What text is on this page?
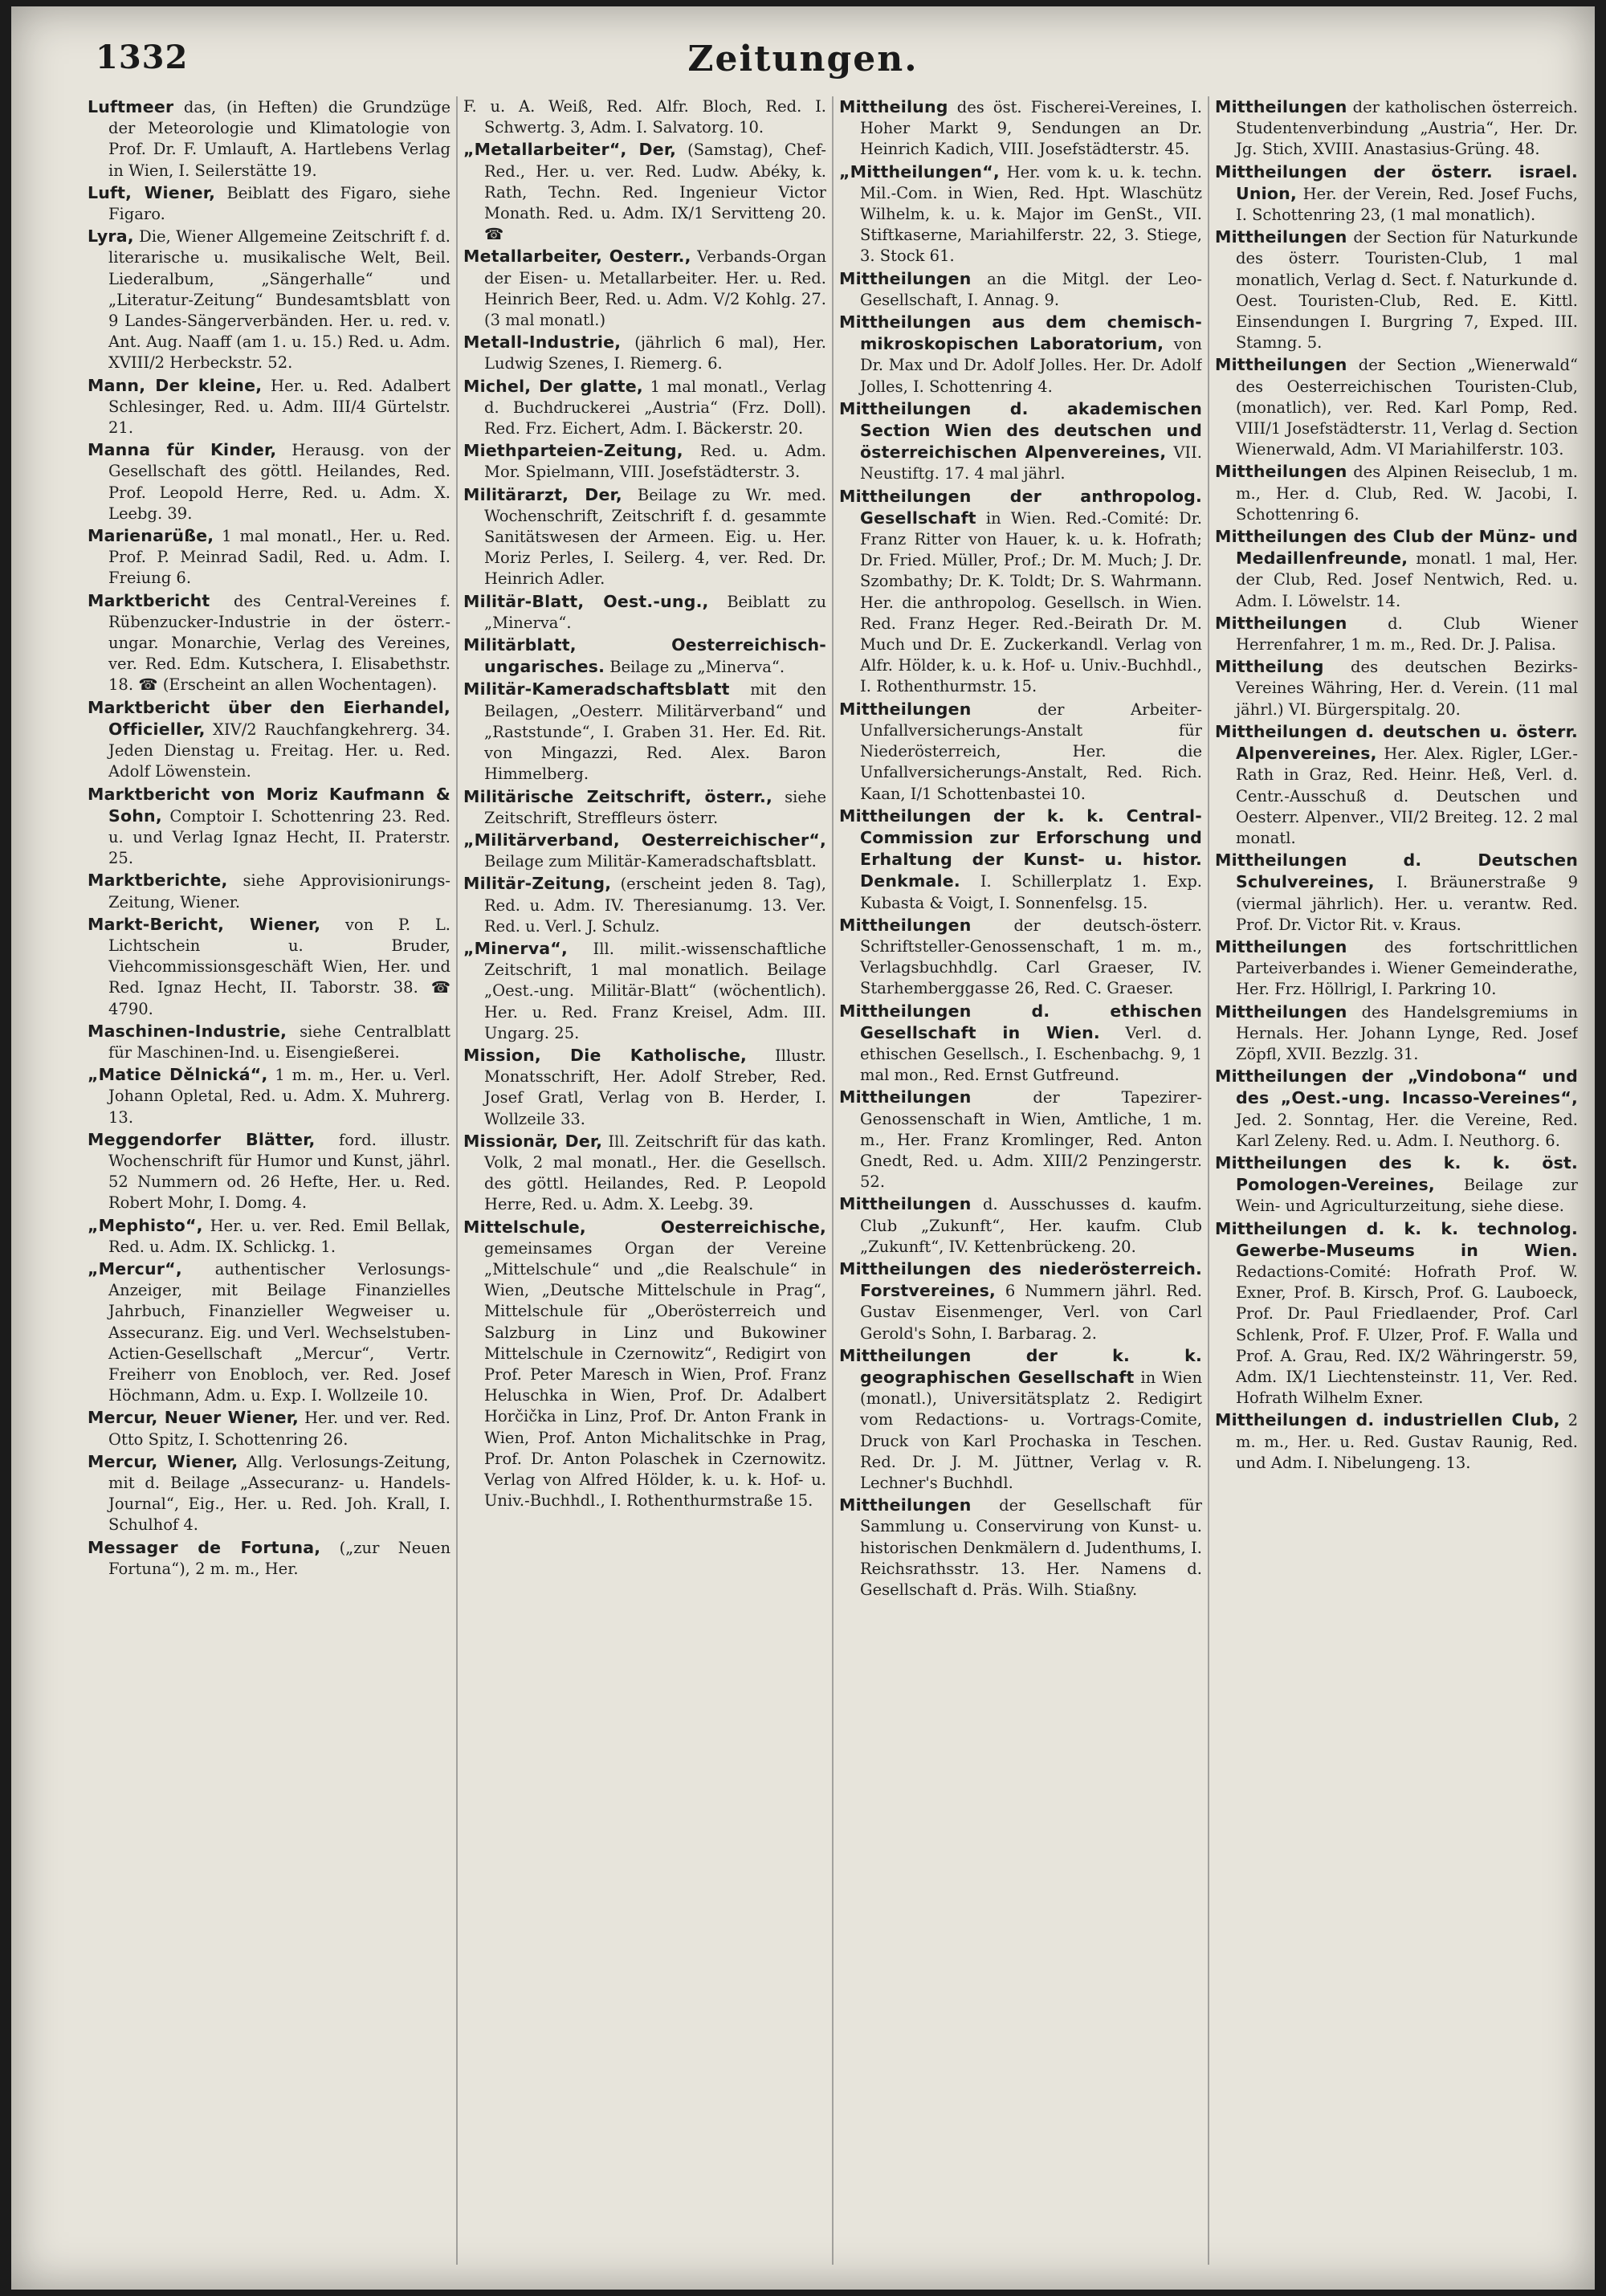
1332	Zeitungen.

Luftmeer das, (in Heften) die Grundzüge der Meteorologie und Klimatologie von Prof. Dr. F. Umlauft, A. Hartlebens Verlag in Wien, I. Seilerstätte 19.

Luft, Wiener, Beiblatt des Figaro, siehe Figaro.

Lyra, Die, Wiener Allgemeine Zeitschrift f. d. literarische u. musikalische Welt, Beil. Liederalbum, „Sängerhalle“ und „Literatur-Zeitung“ Bundesamtsblatt von 9 Landes-Sängerverbänden. Her. u. red. v. Ant. Aug. Naaff (am 1. u. 15.) Red. u. Adm. XVIII/2 Herbeckstr. 52.

Mann, Der kleine, Her. u. Red. Adalbert Schlesinger, Red. u. Adm. III/4 Gürtelstr. 21.

Manna für Kinder, Herausg. von der Gesellschaft des göttl. Heilandes, Red. Prof. Leopold Herre, Red. u. Adm. X. Leebg. 39.

Marienarüße, 1 mal monatl., Her. u. Red. Prof. P. Meinrad Sadil, Red. u. Adm. I. Freiung 6.

Marktbericht des Central-Vereines f. Rübenzucker-Industrie in der österr.-ungar. Monarchie, Verlag des Vereines, ver. Red. Edm. Kutschera, I. Elisabethstr. 18. ☎ (Erscheint an allen Wochentagen).

Marktbericht über den Eierhandel, Officieller, XIV/2 Rauchfangkehrerg. 34. Jeden Dienstag u. Freitag. Her. u. Red. Adolf Löwenstein.

Marktbericht von Moriz Kaufmann & Sohn, Comptoir I. Schottenring 23. Red. u. und Verlag Ignaz Hecht, II. Praterstr. 25.

Marktberichte, siehe Approvisionirungs-Zeitung, Wiener.

Markt-Bericht, Wiener, von P. L. Lichtschein u. Bruder, Viehcommissionsgeschäft Wien, Her. und Red. Ignaz Hecht, II. Taborstr. 38. ☎ 4790.

Maschinen-Industrie, siehe Centralblatt für Maschinen-Ind. u. Eisengießerei.

„Matice Dělnická“, 1 m. m., Her. u. Verl. Johann Opletal, Red. u. Adm. X. Muhrerg. 13.

Meggendorfer Blätter, ford. illustr. Wochenschrift für Humor und Kunst, jährl. 52 Nummern od. 26 Hefte, Her. u. Red. Robert Mohr, I. Domg. 4.

„Mephisto“, Her. u. ver. Red. Emil Bellak, Red. u. Adm. IX. Schlickg. 1.

„Mercur“, authentischer Verlosungs-Anzeiger, mit Beilage Finanzielles Jahrbuch, Finanzieller Wegweiser u. Assecuranz. Eig. und Verl. Wechselstuben-Actien-Gesellschaft „Mercur“, Vertr. Freiherr von Enobloch, ver. Red. Josef Höchmann, Adm. u. Exp. I. Wollzeile 10.

Mercur, Neuer Wiener, Her. und ver. Red. Otto Spitz, I. Schottenring 26.

Mercur, Wiener, Allg. Verlosungs-Zeitung, mit d. Beilage „Assecuranz- u. Handels-Journal“, Eig., Her. u. Red. Joh. Krall, I. Schulhof 4.

Messager de Fortuna, („zur Neuen Fortuna“), 2 m. m., Her.

F. u. A. Weiß, Red. Alfr. Bloch, Red. I. Schwertg. 3, Adm. I. Salvatorg. 10.

„Metallarbeiter“, Der, (Samstag), Chef-Red., Her. u. ver. Red. Ludw. Abéky, k. Rath, Techn. Red. Ingenieur Victor Monath. Red. u. Adm. IX/1 Servitteng 20. ☎

Metallarbeiter, Oesterr., Verbands-Organ der Eisen- u. Metallarbeiter. Her. u. Red. Heinrich Beer, Red. u. Adm. V/2 Kohlg. 27. (3 mal monatl.)

Metall-Industrie, (jährlich 6 mal), Her. Ludwig Szenes, I. Riemerg. 6.

Michel, Der glatte, 1 mal monatl., Verlag d. Buchdruckerei „Austria“ (Frz. Doll). Red. Frz. Eichert, Adm. I. Bäckerstr. 20.

Miethparteien-Zeitung, Red. u. Adm. Mor. Spielmann, VIII. Josefstädterstr. 3.

Militärarzt, Der, Beilage zu Wr. med. Wochenschrift, Zeitschrift f. d. gesammte Sanitätswesen der Armeen. Eig. u. Her. Moriz Perles, I. Seilerg. 4, ver. Red. Dr. Heinrich Adler.

Militär-Blatt, Oest.-ung., Beiblatt zu „Minerva“.

Militärblatt, Oesterreichisch-ungarisches. Beilage zu „Minerva“.

Militär-Kameradschaftsblatt mit den Beilagen, „Oesterr. Militärverband“ und „Raststunde“, I. Graben 31. Her. Ed. Rit. von Mingazzi, Red. Alex. Baron Himmelberg.

Militärische Zeitschrift, österr., siehe Zeitschrift, Streffleurs österr.

„Militärverband, Oesterreichischer“, Beilage zum Militär-Kameradschaftsblatt.

Militär-Zeitung, (erscheint jeden 8. Tag), Red. u. Adm. IV. Theresianumg. 13. Ver. Red. u. Verl. J. Schulz.

„Minerva“, Ill. milit.-wissenschaftliche Zeitschrift, 1 mal monatlich. Beilage „Oest.-ung. Militär-Blatt“ (wöchentlich). Her. u. Red. Franz Kreisel, Adm. III. Ungarg. 25.

Mission, Die Katholische, Illustr. Monatsschrift, Her. Adolf Streber, Red. Josef Gratl, Verlag von B. Herder, I. Wollzeile 33.

Missionär, Der, Ill. Zeitschrift für das kath. Volk, 2 mal monatl., Her. die Gesellsch. des göttl. Heilandes, Red. P. Leopold Herre, Red. u. Adm. X. Leebg. 39.

Mittelschule, Oesterreichische, gemeinsames Organ der Vereine „Mittelschule“ und „die Realschule“ in Wien, „Deutsche Mittelschule in Prag“, Mittelschule für „Oberösterreich und Salzburg in Linz und Bukowiner Mittelschule in Czernowitz“, Redigirt von Prof. Peter Maresch in Wien, Prof. Franz Heluschka in Wien, Prof. Dr. Adalbert Horčička in Linz, Prof. Dr. Anton Frank in Wien, Prof. Anton Michalitschke in Prag, Prof. Dr. Anton Polaschek in Czernowitz. Verlag von Alfred Hölder, k. u. k. Hof- u. Univ.-Buchhdl., I. Rothenthurmstraße 15.

Mittheilung des öst. Fischerei-Vereines, I. Hoher Markt 9, Sendungen an Dr. Heinrich Kadich, VIII. Josefstädterstr. 45.

„Mittheilungen“, Her. vom k. u. k. techn. Mil.-Com. in Wien, Red. Hpt. Wlaschütz Wilhelm, k. u. k. Major im GenSt., VII. Stiftkaserne, Mariahilferstr. 22, 3. Stiege, 3. Stock 61.

Mittheilungen an die Mitgl. der Leo-Gesellschaft, I. Annag. 9.

Mittheilungen aus dem chemisch-mikroskopischen Laboratorium, von Dr. Max und Dr. Adolf Jolles. Her. Dr. Adolf Jolles, I. Schottenring 4.

Mittheilungen d. akademischen Section Wien des deutschen und österreichischen Alpenvereines, VII. Neustiftg. 17. 4 mal jährl.

Mittheilungen der anthropolog. Gesellschaft in Wien. Red.-Comité: Dr. Franz Ritter von Hauer, k. u. k. Hofrath; Dr. Fried. Müller, Prof.; Dr. M. Much; J. Dr. Szombathy; Dr. K. Toldt; Dr. S. Wahrmann. Her. die anthropolog. Gesellsch. in Wien. Red. Franz Heger. Red.-Beirath Dr. M. Much und Dr. E. Zuckerkandl. Verlag von Alfr. Hölder, k. u. k. Hof- u. Univ.-Buchhdl., I. Rothenthurmstr. 15.

Mittheilungen	der Arbeiter-Unfallversicherungs-Anstalt für Niederösterreich, Her. die Unfallversicherungs-Anstalt, Red. Rich. Kaan, I/1 Schottenbastei 10.

Mittheilungen der k. k. Central-Commission zur Erforschung und Erhaltung der Kunst- u. histor. Denkmale. I. Schillerplatz 1. Exp. Kubasta & Voigt, I. Sonnenfelsg. 15.

Mittheilungen	der deutsch-österr. Schriftsteller-Genossenschaft, 1 m. m., Verlagsbuchhdlg. Carl Graeser, IV. Starhemberggasse 26, Red. C. Graeser.

Mittheilungen d. ethischen Gesellschaft in Wien. Verl. d. ethischen Gesellsch., I. Eschenbachg. 9, 1 mal mon., Red. Ernst Gutfreund.

Mittheilungen	der Tapezirer-Genossenschaft in Wien, Amtliche, 1 m. m., Her. Franz Kromlinger, Red. Anton Gnedt, Red. u. Adm. XIII/2 Penzingerstr. 52.

Mittheilungen d. Ausschusses d. kaufm. Club „Zukunft“, Her. kaufm. Club „Zukunft“, IV. Kettenbrückeng. 20.

Mittheilungen des niederösterreich. Forstvereines, 6 Nummern jährl. Red. Gustav Eisenmenger, Verl. von Carl Gerold's Sohn, I. Barbarag. 2.

Mittheilungen der k. k. geographischen Gesellschaft in Wien (monatl.), Universitätsplatz 2. Redigirt vom Redactions- u. Vortrags-Comite, Druck von Karl Prochaska in Teschen. Red. Dr. J. M. Jüttner, Verlag v. R. Lechner's Buchhdl.

Mittheilungen der Gesellschaft für Sammlung u. Conservirung von Kunst- u. historischen Denkmälern d. Judenthums, I. Reichsrathsstr. 13. Her. Namens d. Gesellschaft d. Präs. Wilh. Stiaßny.

Mittheilungen der katholischen österreich. Studentenverbindung „Austria“, Her. Dr. Jg. Stich, XVIII. Anastasius-Grüng. 48.

Mittheilungen der österr. israel. Union, Her. der Verein, Red. Josef Fuchs, I. Schottenring 23, (1 mal monatlich).

Mittheilungen der Section für Naturkunde des österr. Touristen-Club, 1 mal monatlich, Verlag d. Sect. f. Naturkunde d. Oest. Touristen-Club, Red. E. Kittl. Einsendungen I. Burgring 7, Exped. III. Stamng. 5.

Mittheilungen der Section „Wienerwald“ des Oesterreichischen Touristen-Club, (monatlich), ver. Red. Karl Pomp, Red. VIII/1 Josefstädterstr. 11, Verlag d. Section Wienerwald, Adm. VI Mariahilferstr. 103.

Mittheilungen des Alpinen Reiseclub, 1 m. m., Her. d. Club, Red. W. Jacobi, I. Schottenring 6.

Mittheilungen des Club der Münz- und Medaillenfreunde, monatl. 1 mal, Her. der Club, Red. Josef Nentwich, Red. u. Adm. I. Löwelstr. 14.

Mittheilungen	d. Club Wiener Herrenfahrer, 1 m. m., Red. Dr. J. Palisa.

Mittheilung des deutschen Bezirks-Vereines Währing, Her. d. Verein. (11 mal jährl.) VI. Bürgerspitalg. 20.

Mittheilungen d. deutschen u. österr. Alpenvereines, Her. Alex. Rigler, LGer.-Rath in Graz, Red. Heinr. Heß, Verl. d. Centr.-Ausschuß d. Deutschen und Oesterr. Alpenver., VII/2 Breiteg. 12. 2 mal monatl.

Mittheilungen d. Deutschen Schulvereines, I. Bräunerstraße 9 (viermal jährlich). Her. u. verantw. Red. Prof. Dr. Victor Rit. v. Kraus.

Mittheilungen des fortschrittlichen Parteiverbandes i. Wiener Gemeinderathe, Her. Frz. Höllrigl, I. Parkring 10.

Mittheilungen des Handelsgremiums in Hernals. Her. Johann Lynge, Red. Josef Zöpfl, XVII. Bezzlg. 31.

Mittheilungen der „Vindobona“ und des „Oest.-ung. Incasso-Vereines“, Jed. 2. Sonntag, Her. die Vereine, Red. Karl Zeleny. Red. u. Adm. I. Neuthorg. 6.

Mittheilungen des k. k. öst. Pomologen-Vereines, Beilage zur Wein- und Agriculturzeitung, siehe diese.

Mittheilungen d. k. k. technolog. Gewerbe-Museums in Wien. Redactions-Comité: Hofrath Prof. W. Exner, Prof. B. Kirsch, Prof. G. Lauboeck, Prof. Dr. Paul Friedlaender, Prof. Carl Schlenk, Prof. F. Ulzer, Prof. F. Walla und Prof. A. Grau, Red. IX/2 Währingerstr. 59, Adm. IX/1 Liechtensteinstr. 11, Ver. Red. Hofrath Wilhelm Exner.

Mittheilungen d. industriellen Club, 2 m. m., Her. u. Red. Gustav Raunig, Red. und Adm. I. Nibelungeng. 13.
